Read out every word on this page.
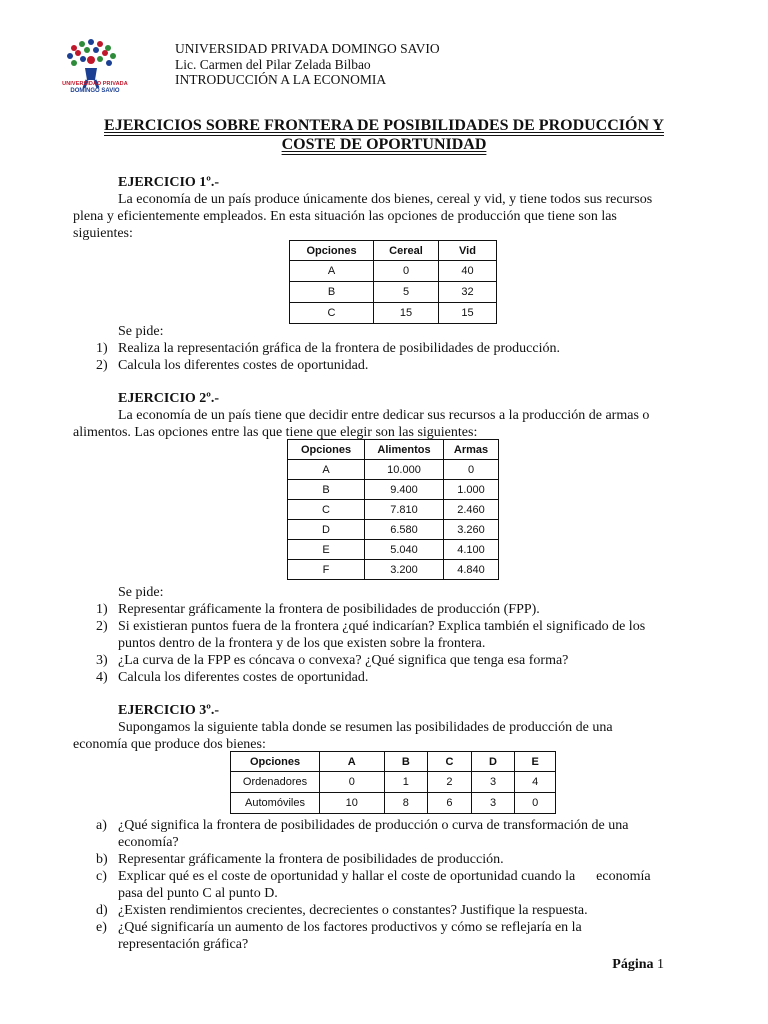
UNIVERSIDAD PRIVADA
DOMINGO SAVIO
UNIVERSIDAD PRIVADA DOMINGO SAVIO
Lic. Carmen del Pilar Zelada Bilbao
INTRODUCCIÓN A LA ECONOMIA
EJERCICIOS SOBRE FRONTERA DE POSIBILIDADES DE PRODUCCIÓN Y
COSTE DE OPORTUNIDAD
EJERCICIO 1º.-
La economía de un país produce únicamente dos bienes, cereal y vid, y tiene todos sus recursos
plena y eficientemente empleados. En esta situación las opciones de producción que tiene son las
siguientes:
Opciones	Cereal	Vid
A	0	40
B	5	32
C	15	15
Se pide:
1) Realiza la representación gráfica de la frontera de posibilidades de producción.
2) Calcula los diferentes costes de oportunidad.
EJERCICIO 2º.-
La economía de un país tiene que decidir entre dedicar sus recursos a la producción de armas o
alimentos. Las opciones entre las que tiene que elegir son las siguientes:
Opciones	Alimentos	Armas
A	10.000	0
B	9.400	1.000
C	7.810	2.460
D	6.580	3.260
E	5.040	4.100
F	3.200	4.840
Se pide:
1) Representar gráficamente la frontera de posibilidades de producción (FPP).
2) Si existieran puntos fuera de la frontera ¿qué indicarían? Explica también el significado de los
puntos dentro de la frontera y de los que existen sobre la frontera.
3) ¿La curva de la FPP es cóncava o convexa? ¿Qué significa que tenga esa forma?
4) Calcula los diferentes costes de oportunidad.
EJERCICIO 3º.-
Supongamos la siguiente tabla donde se resumen las posibilidades de producción de una
economía que produce dos bienes:
Opciones	A	B	C	D	E
Ordenadores	0	1	2	3	4
Automóviles	10	8	6	3	0
a) ¿Qué significa la frontera de posibilidades de producción o curva de transformación de una
economía?
b) Representar gráficamente la frontera de posibilidades de producción.
c) Explicar qué es el coste de oportunidad y hallar el coste de oportunidad cuando la      economía
pasa del punto C al punto D.
d) ¿Existen rendimientos crecientes, decrecientes o constantes? Justifique la respuesta.
e) ¿Qué significaría un aumento de los factores productivos y cómo se reflejaría en la
representación gráfica?
Página 1
